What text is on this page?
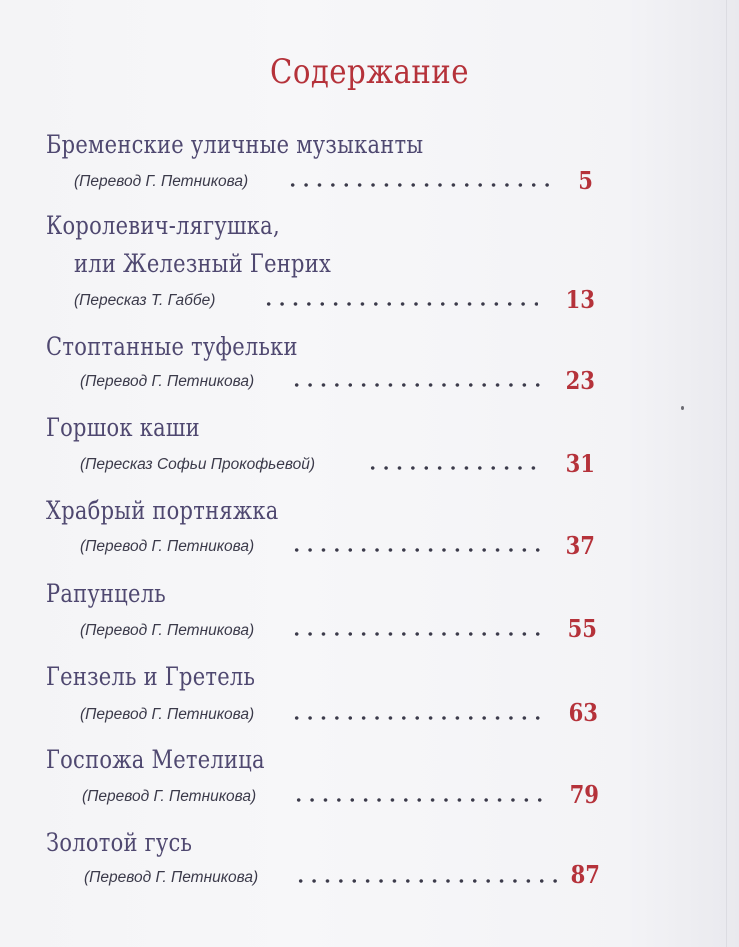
Содержание
Бременские уличные музыканты
(Перевод Г. Петникова)	5
Королевич-лягушка,
или Железный Генрих
(Пересказ Т. Габбе)	13
Стоптанные туфельки
(Перевод Г. Петникова)	23
Горшок каши
(Пересказ Софьи Прокофьевой)	31
Храбрый портняжка
(Перевод Г. Петникова)	37
Рапунцель
(Перевод Г. Петникова)	55
Гензель и Гретель
(Перевод Г. Петникова)	63
Госпожа Метелица
(Перевод Г. Петникова)	79
Золотой гусь
(Перевод Г. Петникова)	87
